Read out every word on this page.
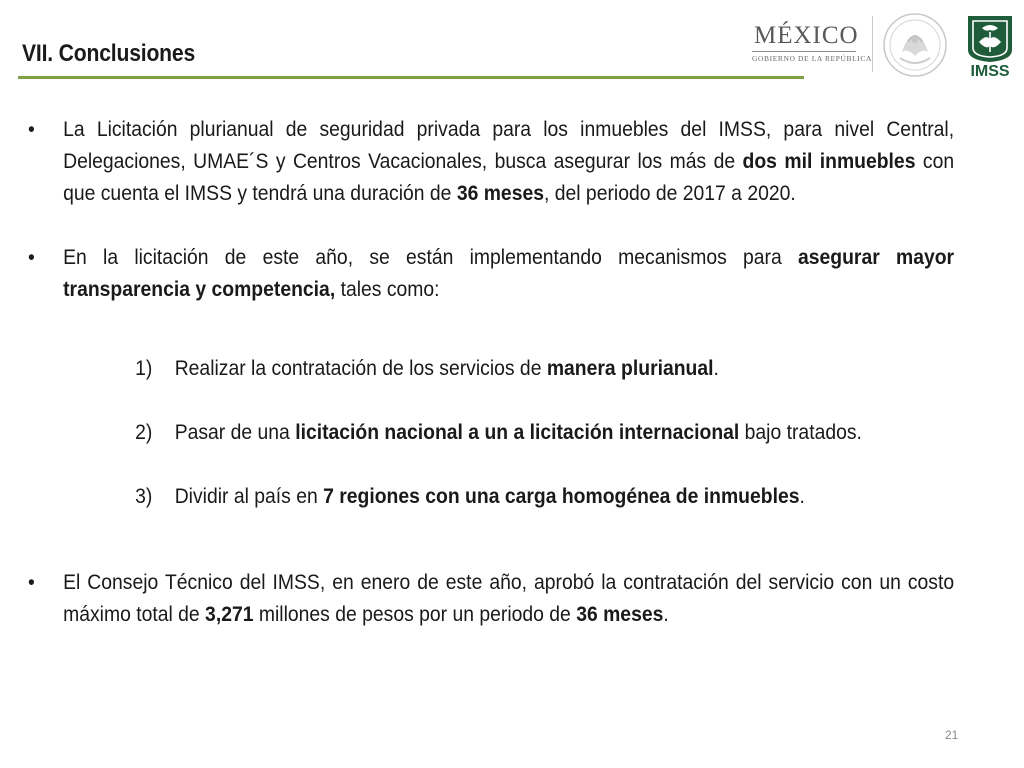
VII. Conclusiones
MÉXICO
GOBIERNO DE LA REPÚBLICA
IMSS

• La Licitación plurianual de seguridad privada para los inmuebles del IMSS, para nivel Central, Delegaciones, UMAE´S y Centros Vacacionales, busca asegurar los más de dos mil inmuebles con que cuenta el IMSS y tendrá una duración de 36 meses, del periodo de 2017 a 2020.

• En la licitación de este año, se están implementando mecanismos para asegurar mayor transparencia y competencia, tales como:

1) Realizar la contratación de los servicios de manera plurianual.

2) Pasar de una licitación nacional a un a licitación internacional bajo tratados.

3) Dividir al país en 7 regiones con una carga homogénea de inmuebles.

• El Consejo Técnico del IMSS, en enero de este año, aprobó la contratación del servicio con un costo máximo total de 3,271 millones de pesos por un periodo de 36 meses.

21
